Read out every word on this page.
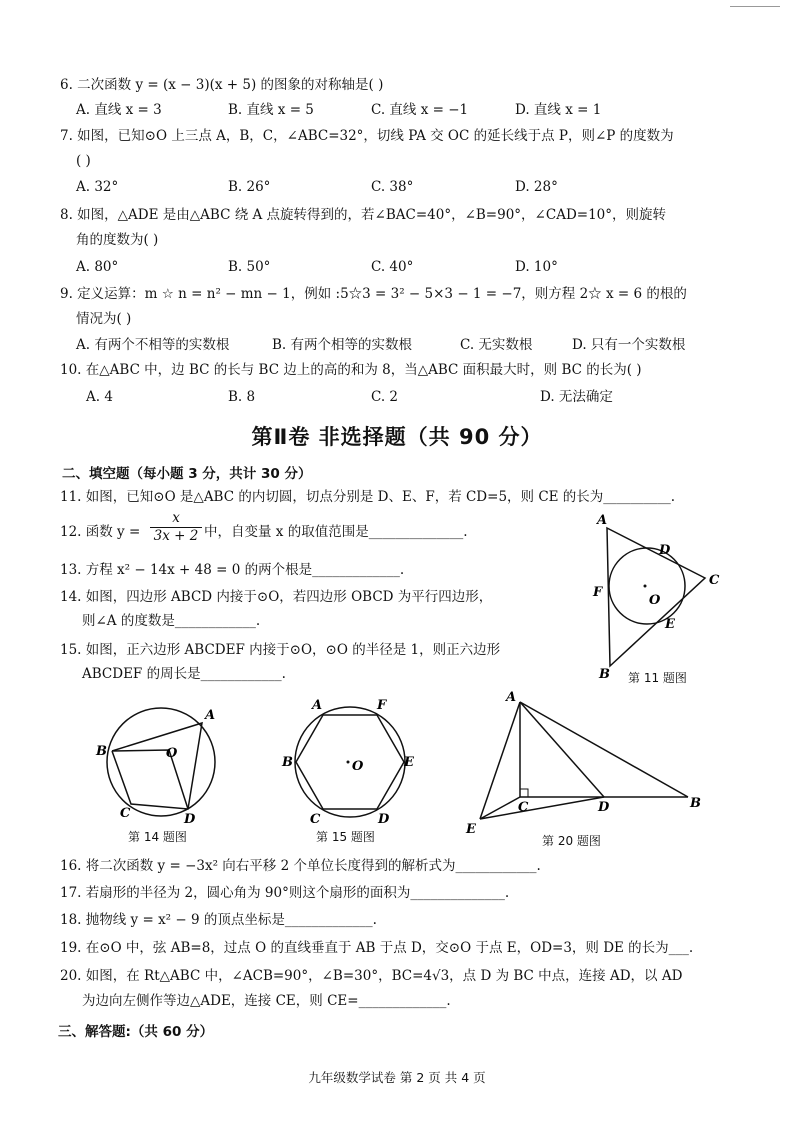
6. 二次函数 y = (x − 3)(x + 5) 的图象的对称轴是( )
A. 直线 x = 3	B. 直线 x = 5	C. 直线 x = −1	D. 直线 x = 1
7. 如图，已知⊙O 上三点 A，B，C，∠ABC=32°，切线 PA 交 OC 的延长线于点 P，则∠P 的度数为
( )
A. 32°	B. 26°	C. 38°	D. 28°
8. 如图，△ADE 是由△ABC 绕 A 点旋转得到的，若∠BAC=40°，∠B=90°，∠CAD=10°，则旋转
角的度数为( )
A. 80°	B. 50°	C. 40°	D. 10°
9. 定义运算：m ☆ n = n² − mn − 1，例如 :5☆3 = 3² − 5×3 − 1 = −7，则方程 2☆ x = 6 的根的
情况为( )
A. 有两个不相等的实数根	B. 有两个相等的实数根	C. 无实数根	D. 只有一个实数根
10. 在△ABC 中，边 BC 的长与 BC 边上的高的和为 8，当△ABC 面积最大时，则 BC 的长为( )
A. 4	B. 8	C. 2	D. 无法确定
第Ⅱ卷 非选择题（共 90 分）
二、填空题（每小题 3 分，共计 30 分）
11. 如图，已知⊙O 是△ABC 的内切圆，切点分别是 D、E、F，若 CD=5，则 CE 的长为__________.
12. 函数 $y = \frac{x}{3x + 2}$ 中，自变量 x 的取值范围是______________.
13. 方程 x² − 14x + 48 = 0 的两个根是_____________.
14. 如图，四边形 ABCD 内接于⊙O，若四边形 OBCD 为平行四边形，
则∠A 的度数是____________.
15. 如图，正六边形 ABCDEF 内接于⊙O，⊙O 的半径是 1，则正六边形
ABCDEF 的周长是____________.
A
D
C
F
O
E
B 第 11 题图
A
B	O
C	D
第 14 题图
A	F
B	O	E
C	D
第 15 题图
A
C	D	B
E
第 20 题图
16. 将二次函数 y = −3x² 向右平移 2 个单位长度得到的解析式为____________.
17. 若扇形的半径为 2，圆心角为 90°则这个扇形的面积为______________.
18. 抛物线 y = x² − 9 的顶点坐标是_____________.
19. 在⊙O 中，弦 AB=8，过点 O 的直线垂直于 AB 于点 D，交⊙O 于点 E，OD=3，则 DE 的长为___.
20. 如图，在 Rt△ABC 中，∠ACB=90°，∠B=30°，BC=4√3，点 D 为 BC 中点，连接 AD，以 AD
为边向左侧作等边△ADE，连接 CE，则 CE=_____________.
三、解答题:（共 60 分）
九年级数学试卷 第 2 页 共 4 页
